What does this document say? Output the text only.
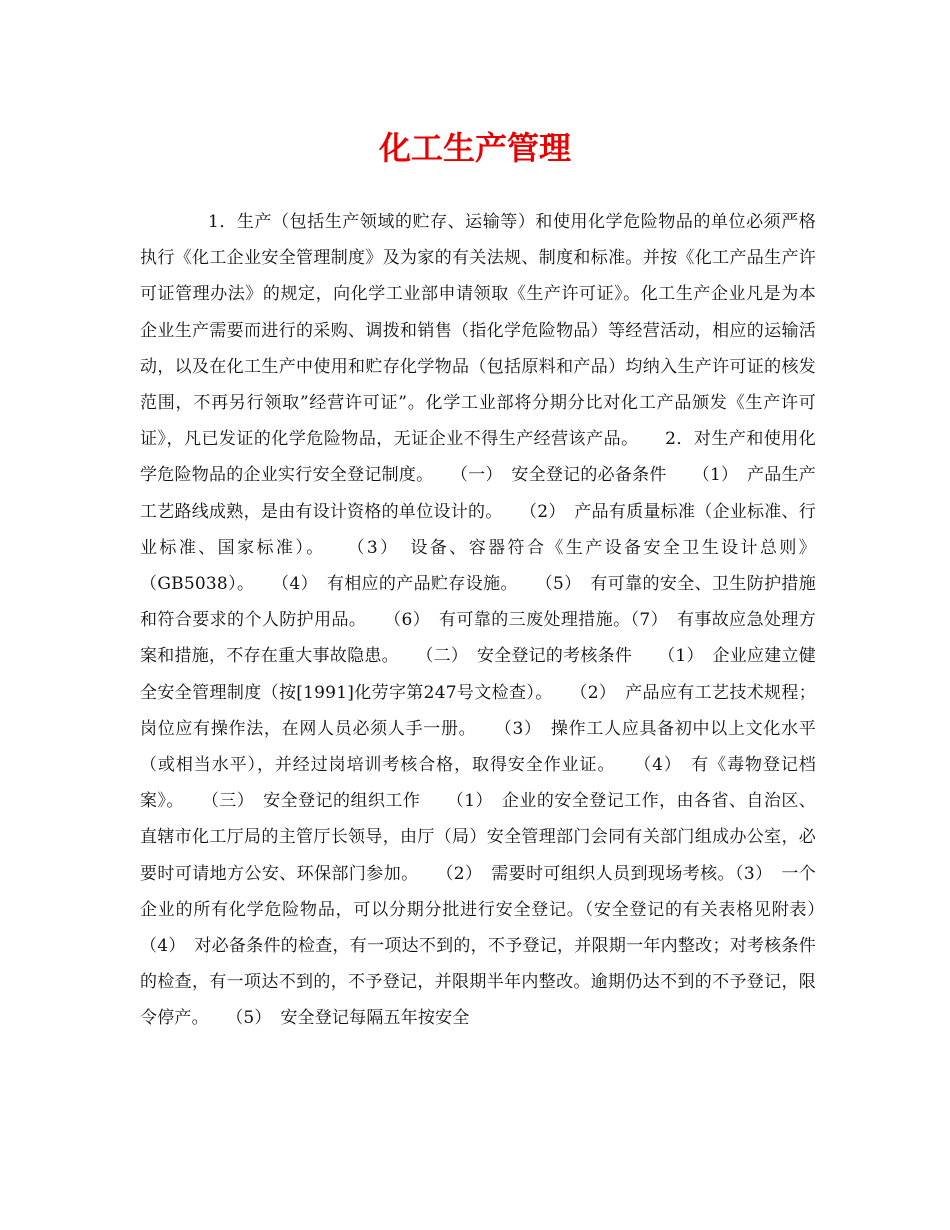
化工生产管理

1．生产（包括生产领域的贮存、运输等）和使用化学危险物品的单位必须严格执行《化工企业安全管理制度》及为家的有关法规、制度和标准。并按《化工产品生产许可证管理办法》的规定，向化学工业部申请领取《生产许可证》。化工生产企业凡是为本企业生产需要而进行的采购、调拨和销售（指化学危险物品）等经营活动，相应的运输活动，以及在化工生产中使用和贮存化学物品（包括原料和产品）均纳入生产许可证的核发范围，不再另行领取”经营许可证”。化学工业部将分期分比对化工产品颁发《生产许可证》，凡已发证的化学危险物品，无证企业不得生产经营该产品。　　2．对生产和使用化学危险物品的企业实行安全登记制度。　　（一）　安全登记的必备条件　　（1）　产品生产工艺路线成熟，是由有设计资格的单位设计的。　　（2）　产品有质量标准（企业标准、行业标准、国家标准）。　　（3）　设备、容器符合《生产设备安全卫生设计总则》（GB5038）。　　（4）　有相应的产品贮存设施。　　（5）　有可靠的安全、卫生防护措施和符合要求的个人防护用品。　　（6）　有可靠的三废处理措施。（7）　有事故应急处理方案和措施，不存在重大事故隐患。　　（二）　安全登记的考核条件　　（1）　企业应建立健全安全管理制度（按[1991]化劳字第247号文检查）。　　（2）　产品应有工艺技术规程；岗位应有操作法，在网人员必须人手一册。　　（3）　操作工人应具备初中以上文化水平（或相当水平），并经过岗培训考核合格，取得安全作业证。　　（4）　有《毒物登记档案》。　　（三）　安全登记的组织工作　　（1）　企业的安全登记工作，由各省、自治区、直辖市化工厅局的主管厅长领导，由厅（局）安全管理部门会同有关部门组成办公室，必要时可请地方公安、环保部门参加。　　（2）　需要时可组织人员到现场考核。（3）　一个企业的所有化学危险物品，可以分期分批进行安全登记。（安全登记的有关表格见附表）　　（4）　对必备条件的检查，有一项达不到的，不予登记，并限期一年内整改；对考核条件的检查，有一项达不到的，不予登记，并限期半年内整改。逾期仍达不到的不予登记，限令停产。　　（5）　安全登记每隔五年按安全
